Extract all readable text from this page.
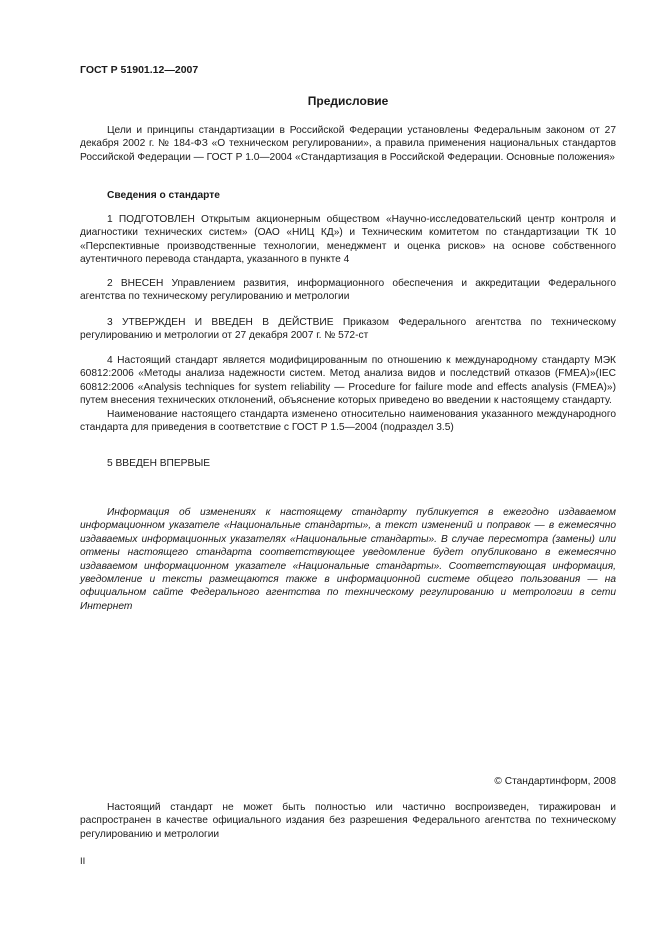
ГОСТ Р 51901.12—2007
Предисловие

Цели и принципы стандартизации в Российской Федерации установлены Федеральным законом от 27 декабря 2002 г. № 184-ФЗ «О техническом регулировании», а правила применения национальных стандартов Российской Федерации — ГОСТ Р 1.0—2004 «Стандартизация в Российской Федерации. Основные положения»

Сведения о стандарте

1 ПОДГОТОВЛЕН Открытым акционерным обществом «Научно-исследовательский центр контроля и диагностики технических систем» (ОАО «НИЦ КД») и Техническим комитетом по стандартизации ТК 10 «Перспективные производственные технологии, менеджмент и оценка рисков» на основе собственного аутентичного перевода стандарта, указанного в пункте 4

2 ВНЕСЕН Управлением развития, информационного обеспечения и аккредитации Федерального агентства по техническому регулированию и метрологии

3 УТВЕРЖДЕН И ВВЕДЕН В ДЕЙСТВИЕ Приказом Федерального агентства по техническому регулированию и метрологии от 27 декабря 2007 г. № 572-ст

4 Настоящий стандарт является модифицированным по отношению к международному стандарту МЭК 60812:2006 «Методы анализа надежности систем. Метод анализа видов и последствий отказов (FMEA)»(IEC 60812:2006 «Analysis techniques for system reliability — Procedure for failure mode and effects analysis (FMEA)») путем внесения технических отклонений, объяснение которых приведено во введении к настоящему стандарту.

Наименование настоящего стандарта изменено относительно наименования указанного международного стандарта для приведения в соответствие с ГОСТ Р 1.5—2004 (подраздел 3.5)

5 ВВЕДЕН ВПЕРВЫЕ

Информация об изменениях к настоящему стандарту публикуется в ежегодно издаваемом информационном указателе «Национальные стандарты», а текст изменений и поправок — в ежемесячно издаваемых информационных указателях «Национальные стандарты». В случае пересмотра (замены) или отмены настоящего стандарта соответствующее уведомление будет опубликовано в ежемесячно издаваемом информационном указателе «Национальные стандарты». Соответствующая информация, уведомление и тексты размещаются также в информационной системе общего пользования — на официальном сайте Федерального агентства по техническому регулированию и метрологии в сети Интернет

© Стандартинформ, 2008

Настоящий стандарт не может быть полностью или частично воспроизведен, тиражирован и распространен в качестве официального издания без разрешения Федерального агентства по техническому регулированию и метрологии

II
